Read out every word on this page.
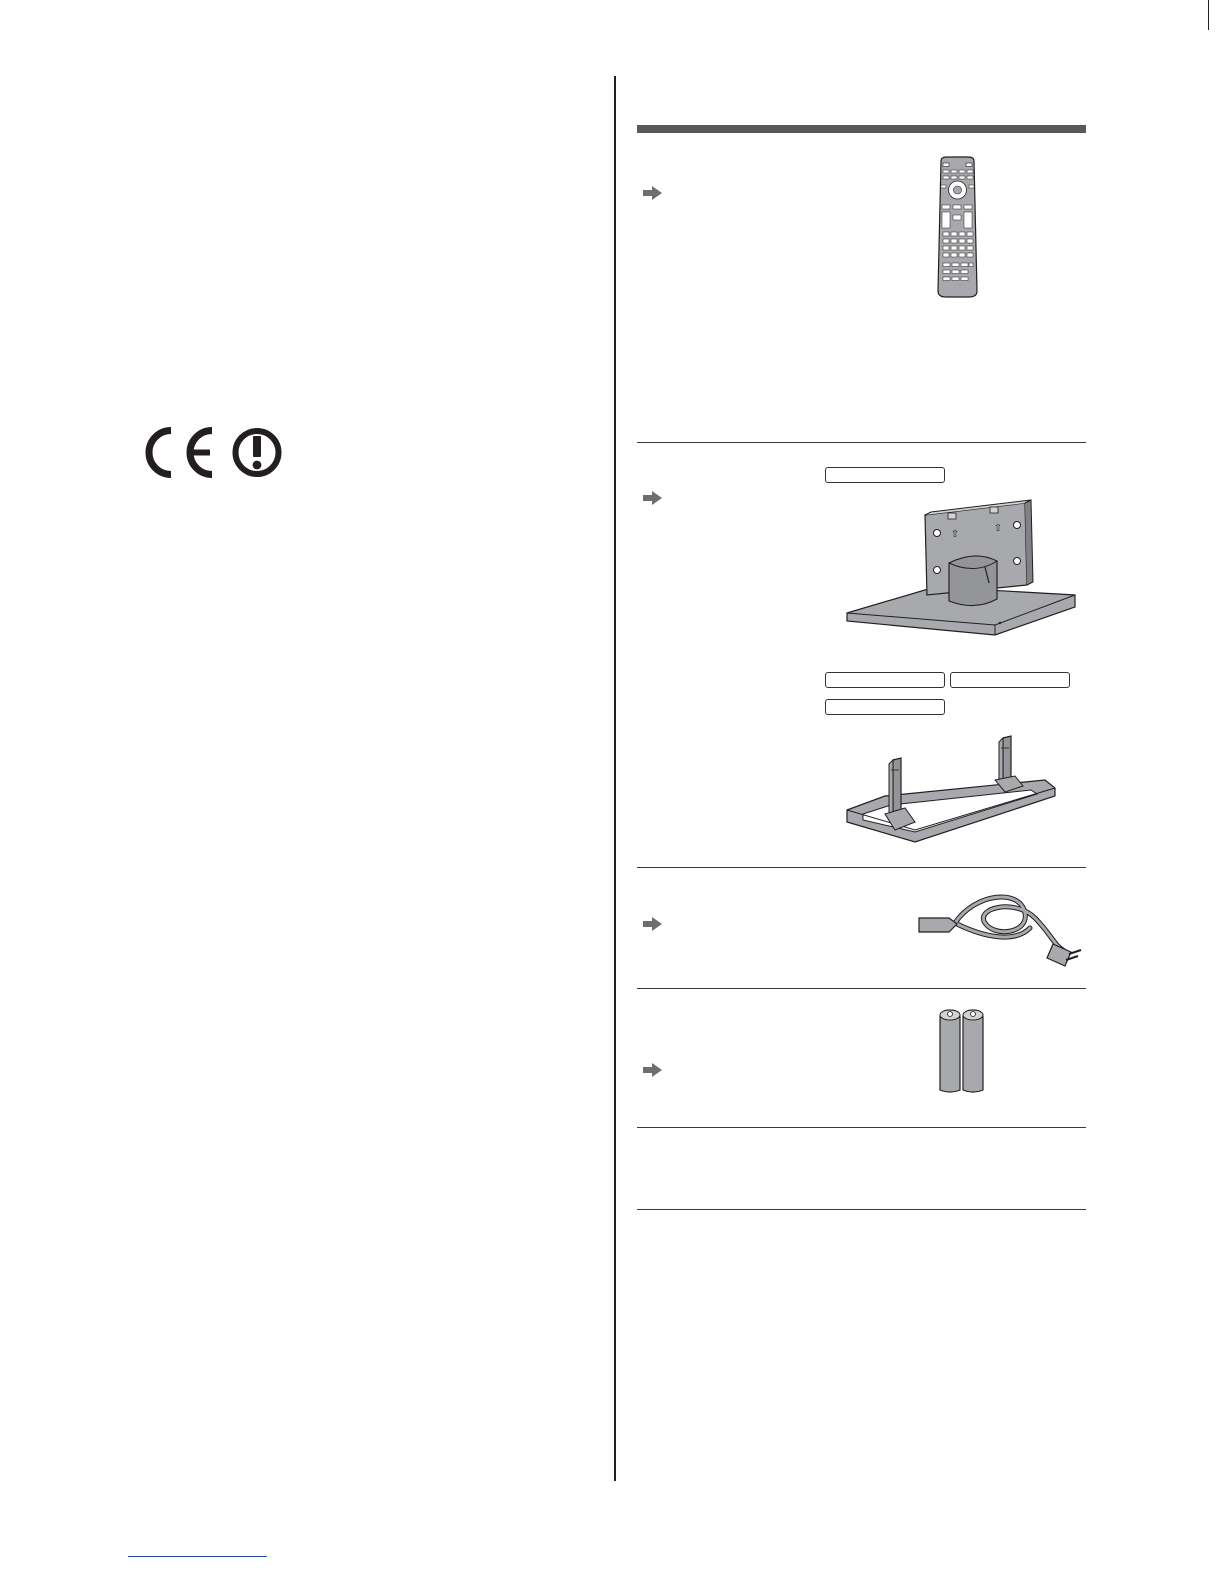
⇧
⇧
